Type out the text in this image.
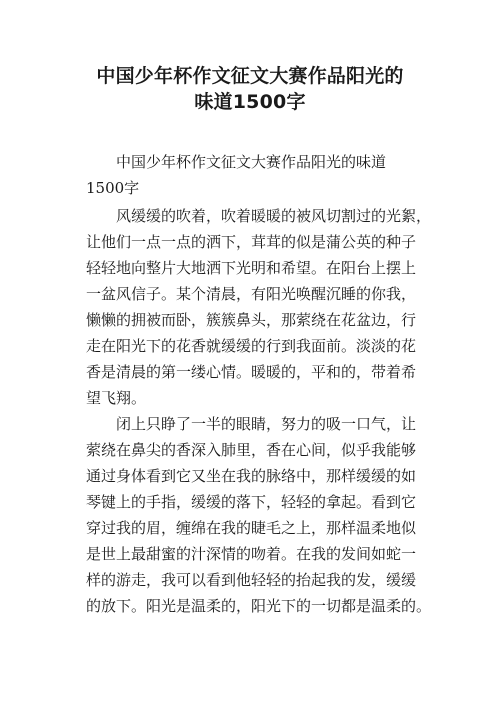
中国少年杯作文征文大赛作品阳光的
味道1500字
中国少年杯作文征文大赛作品阳光的味道
1500字
风缓缓的吹着，吹着暖暖的被风切割过的光絮，
让他们一点一点的洒下，茸茸的似是蒲公英的种子
轻轻地向整片大地洒下光明和希望。在阳台上摆上
一盆风信子。某个清晨，有阳光唤醒沉睡的你我，
懒懒的拥被而卧，簇簇鼻头，那萦绕在花盆边，行
走在阳光下的花香就缓缓的行到我面前。淡淡的花
香是清晨的第一缕心情。暖暖的，平和的，带着希
望飞翔。
闭上只睁了一半的眼睛，努力的吸一口气，让
萦绕在鼻尖的香深入肺里，香在心间，似乎我能够
通过身体看到它又坐在我的脉络中，那样缓缓的如
琴键上的手指，缓缓的落下，轻轻的拿起。看到它
穿过我的眉，缠绵在我的睫毛之上，那样温柔地似
是世上最甜蜜的汁深情的吻着。在我的发间如蛇一
样的游走，我可以看到他轻轻的抬起我的发，缓缓
的放下。阳光是温柔的，阳光下的一切都是温柔的。
